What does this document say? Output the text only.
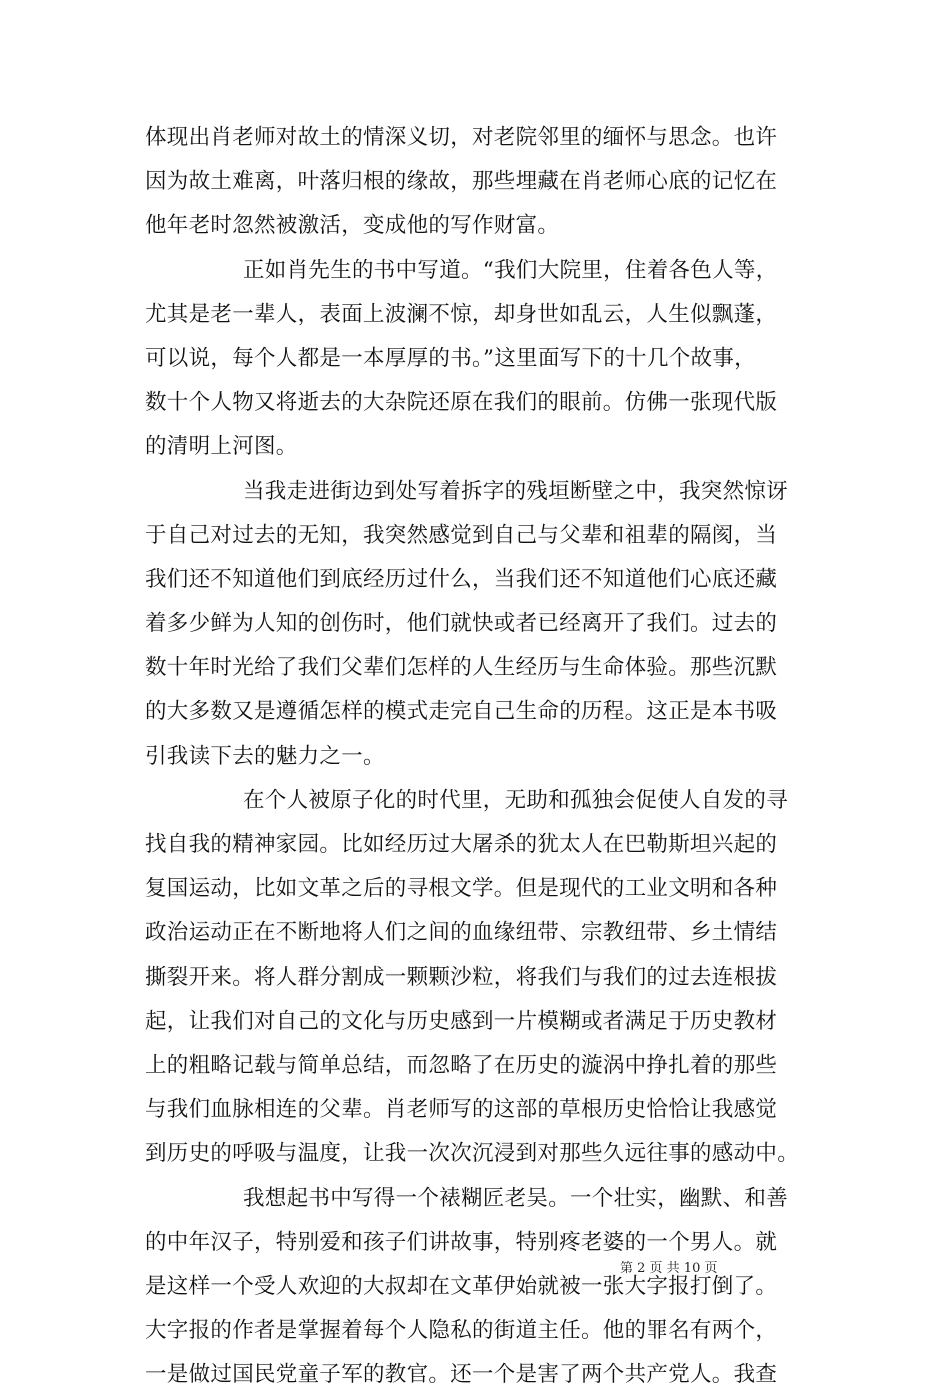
体现出肖老师对故土的情深义切，对老院邻里的缅怀与思念。也许
因为故土难离，叶落归根的缘故，那些埋藏在肖老师心底的记忆在
他年老时忽然被激活，变成他的写作财富。
正如肖先生的书中写道。“我们大院里，住着各色人等，
尤其是老一辈人，表面上波澜不惊，却身世如乱云，人生似飘蓬，
可以说，每个人都是一本厚厚的书。”这里面写下的十几个故事，
数十个人物又将逝去的大杂院还原在我们的眼前。仿佛一张现代版
的清明上河图。
当我走进街边到处写着拆字的残垣断壁之中，我突然惊讶
于自己对过去的无知，我突然感觉到自己与父辈和祖辈的隔阂，当
我们还不知道他们到底经历过什么，当我们还不知道他们心底还藏
着多少鲜为人知的创伤时，他们就快或者已经离开了我们。过去的
数十年时光给了我们父辈们怎样的人生经历与生命体验。那些沉默
的大多数又是遵循怎样的模式走完自己生命的历程。这正是本书吸
引我读下去的魅力之一。
在个人被原子化的时代里，无助和孤独会促使人自发的寻
找自我的精神家园。比如经历过大屠杀的犹太人在巴勒斯坦兴起的
复国运动，比如文革之后的寻根文学。但是现代的工业文明和各种
政治运动正在不断地将人们之间的血缘纽带、宗教纽带、乡土情结
撕裂开来。将人群分割成一颗颗沙粒，将我们与我们的过去连根拔
起，让我们对自己的文化与历史感到一片模糊或者满足于历史教材
上的粗略记载与简单总结，而忽略了在历史的漩涡中挣扎着的那些
与我们血脉相连的父辈。肖老师写的这部的草根历史恰恰让我感觉
到历史的呼吸与温度，让我一次次沉浸到对那些久远往事的感动中。
我想起书中写得一个裱糊匠老吴。一个壮实，幽默、和善
的中年汉子，特别爱和孩子们讲故事，特别疼老婆的一个男人。就
是这样一个受人欢迎的大叔却在文革伊始就被一张大字报打倒了。
大字报的作者是掌握着每个人隐私的街道主任。他的罪名有两个，
一是做过国民党童子军的教官。还一个是害了两个共产党人。我查
第 2 页 共 10 页
